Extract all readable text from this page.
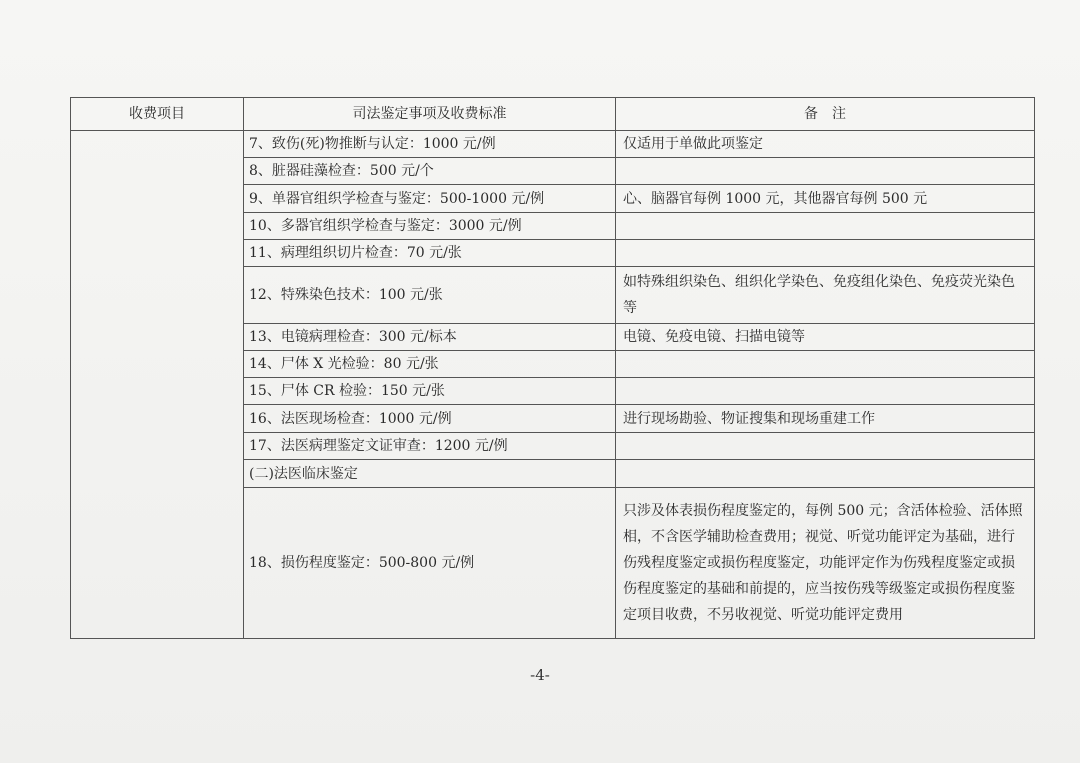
收费项目	司法鉴定事项及收费标准	备　注
	7、致伤(死)物推断与认定：1000 元/例	仅适用于单做此项鉴定
	8、脏器硅藻检查：500 元/个	
	9、单器官组织学检查与鉴定：500-1000 元/例	心、脑器官每例 1000 元，其他器官每例 500 元
	10、多器官组织学检查与鉴定：3000 元/例	
	11、病理组织切片检查：70 元/张	
	12、特殊染色技术：100 元/张	如特殊组织染色、组织化学染色、免疫组化染色、免疫荧光染色等
	13、电镜病理检查：300 元/标本	电镜、免疫电镜、扫描电镜等
	14、尸体 X 光检验：80 元/张	
	15、尸体 CR 检验：150 元/张	
	16、法医现场检查：1000 元/例	进行现场勘验、物证搜集和现场重建工作
	17、法医病理鉴定文证审查：1200 元/例	
	(二)法医临床鉴定	
	18、损伤程度鉴定：500-800 元/例	只涉及体表损伤程度鉴定的，每例 500 元；含活体检验、活体照相，不含医学辅助检查费用；视觉、听觉功能评定为基础，进行伤残程度鉴定或损伤程度鉴定，功能评定作为伤残程度鉴定或损伤程度鉴定的基础和前提的，应当按伤残等级鉴定或损伤程度鉴定项目收费，不另收视觉、听觉功能评定费用
-4-
